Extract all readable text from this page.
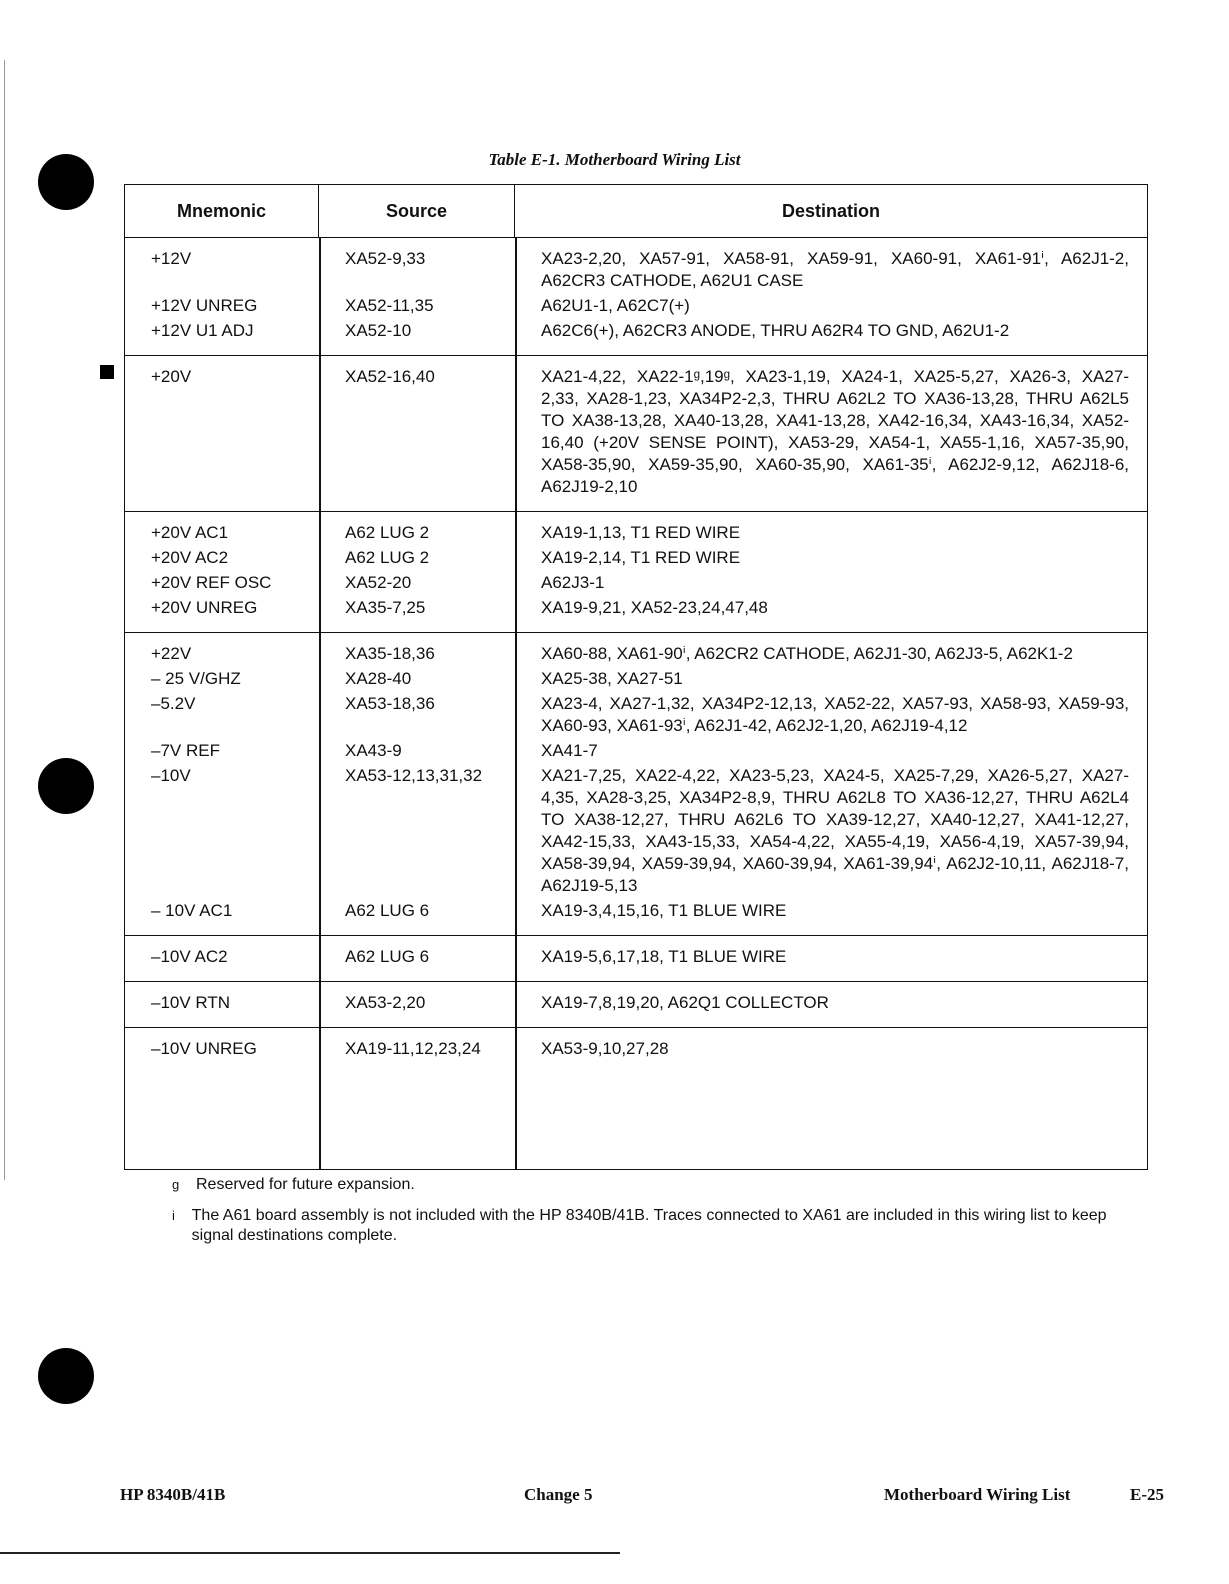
Table E-1. Motherboard Wiring List
Mnemonic	Source	Destination
+12V	XA52-9,33	XA23-2,20, XA57-91, XA58-91, XA59-91, XA60-91, XA61-91ⁱ, A62J1-2, A62CR3 CATHODE, A62U1 CASE
+12V UNREG	XA52-11,35	A62U1-1, A62C7(+)
+12V U1 ADJ	XA52-10	A62C6(+), A62CR3 ANODE, THRU A62R4 TO GND, A62U1-2
+20V	XA52-16,40	XA21-4,22, XA22-1ᵍ,19ᵍ, XA23-1,19, XA24-1, XA25-5,27, XA26-3, XA27-2,33, XA28-1,23, XA34P2-2,3, THRU A62L2 TO XA36-13,28, THRU A62L5 TO XA38-13,28, XA40-13,28, XA41-13,28, XA42-16,34, XA43-16,34, XA52-16,40 (+20V SENSE POINT), XA53-29, XA54-1, XA55-1,16, XA57-35,90, XA58-35,90, XA59-35,90, XA60-35,90, XA61-35ⁱ, A62J2-9,12, A62J18-6, A62J19-2,10
+20V AC1	A62 LUG 2	XA19-1,13, T1 RED WIRE
+20V AC2	A62 LUG 2	XA19-2,14, T1 RED WIRE
+20V REF OSC	XA52-20	A62J3-1
+20V UNREG	XA35-7,25	XA19-9,21, XA52-23,24,47,48
+22V	XA35-18,36	XA60-88, XA61-90ⁱ, A62CR2 CATHODE, A62J1-30, A62J3-5, A62K1-2
– 25 V/GHZ	XA28-40	XA25-38, XA27-51
–5.2V	XA53-18,36	XA23-4, XA27-1,32, XA34P2-12,13, XA52-22, XA57-93, XA58-93, XA59-93, XA60-93, XA61-93ⁱ, A62J1-42, A62J2-1,20, A62J19-4,12
–7V REF	XA43-9	XA41-7
–10V	XA53-12,13,31,32	XA21-7,25, XA22-4,22, XA23-5,23, XA24-5, XA25-7,29, XA26-5,27, XA27-4,35, XA28-3,25, XA34P2-8,9, THRU A62L8 TO XA36-12,27, THRU A62L4 TO XA38-12,27, THRU A62L6 TO XA39-12,27, XA40-12,27, XA41-12,27, XA42-15,33, XA43-15,33, XA54-4,22, XA55-4,19, XA56-4,19, XA57-39,94, XA58-39,94, XA59-39,94, XA60-39,94, XA61-39,94ⁱ, A62J2-10,11, A62J18-7, A62J19-5,13
– 10V AC1	A62 LUG 6	XA19-3,4,15,16, T1 BLUE WIRE
–10V AC2	A62 LUG 6	XA19-5,6,17,18, T1 BLUE WIRE
–10V RTN	XA53-2,20	XA19-7,8,19,20, A62Q1 COLLECTOR
–10V UNREG	XA19-11,12,23,24	XA53-9,10,27,28
g	Reserved for future expansion.
i	The A61 board assembly is not included with the HP 8340B/41B. Traces connected to XA61 are included in this wiring list to keep signal destinations complete.
HP 8340B/41B	Change 5	Motherboard Wiring List	E-25
